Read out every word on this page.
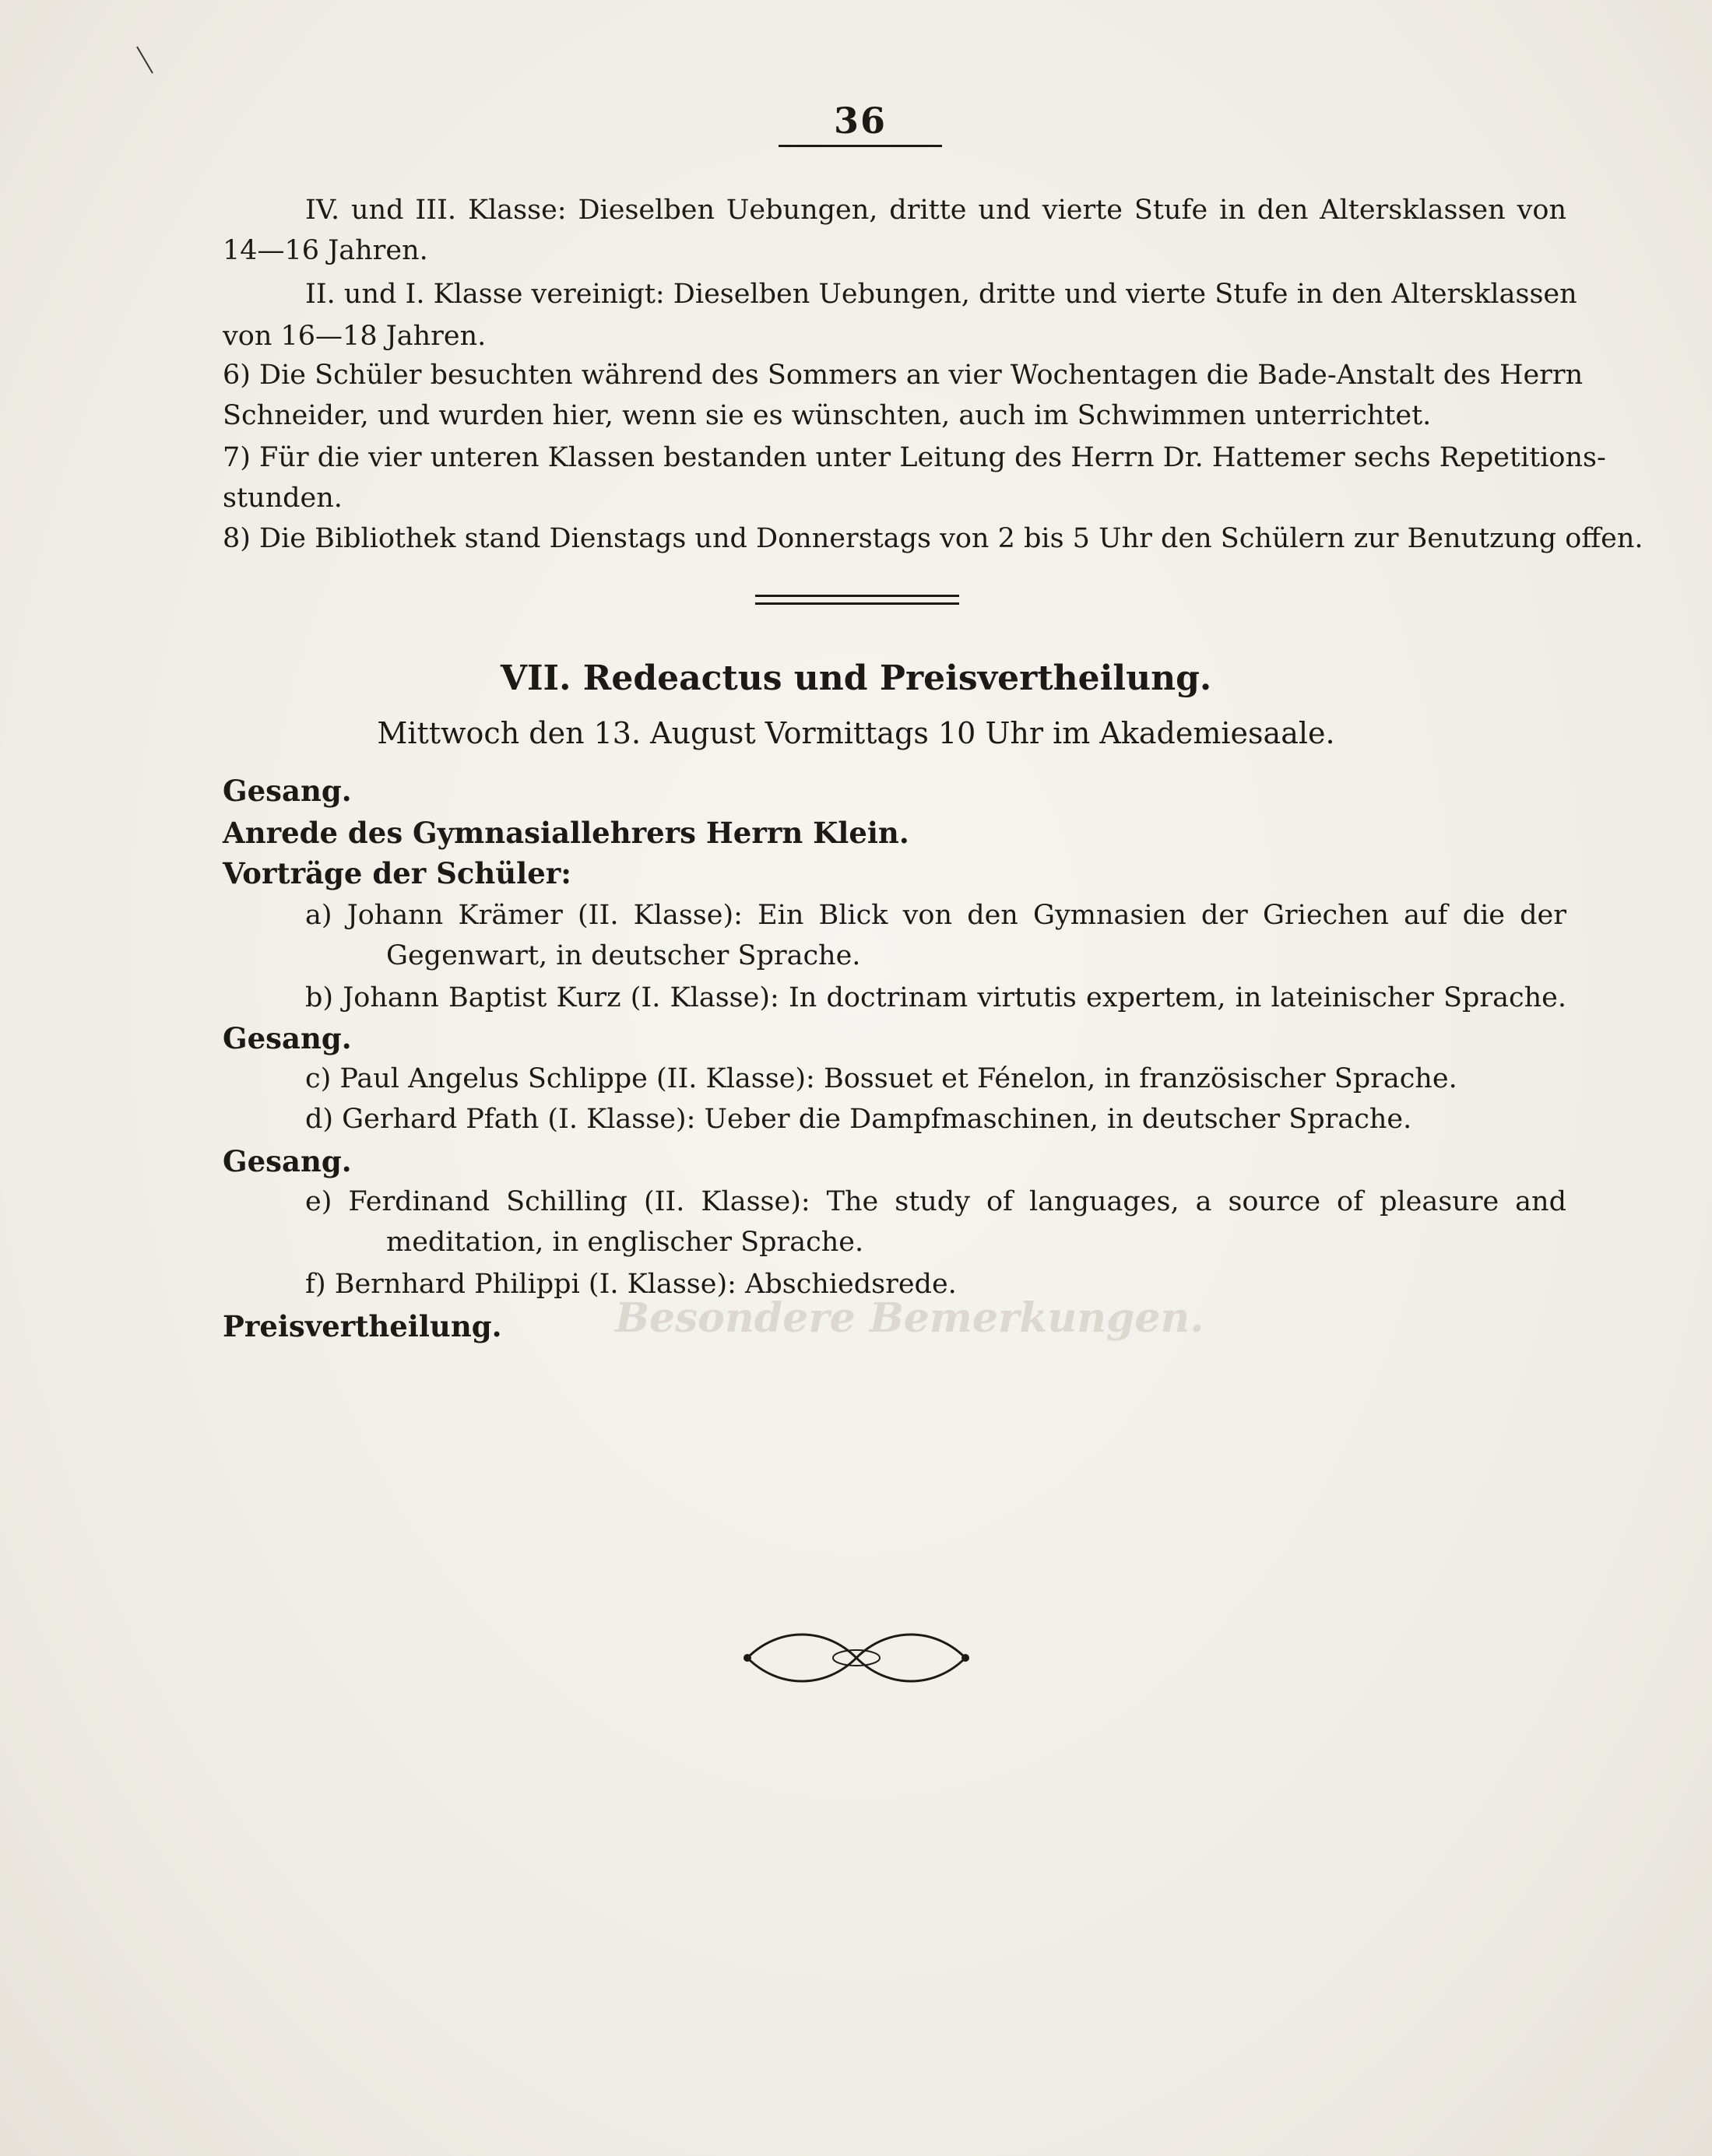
36
Besondere Bemerkungen.
IV. und III. Klasse: Dieselben Uebungen, dritte und vierte Stufe in den Altersklassen von
14—16 Jahren.
II. und I. Klasse vereinigt: Dieselben Uebungen, dritte und vierte Stufe in den Altersklassen
von 16—18 Jahren.
6) Die Schüler besuchten während des Sommers an vier Wochentagen die Bade-Anstalt des Herrn
Schneider, und wurden hier, wenn sie es wünschten, auch im Schwimmen unterrichtet.
7) Für die vier unteren Klassen bestanden unter Leitung des Herrn Dr. Hattemer sechs Repetitions-
stunden.
8) Die Bibliothek stand Dienstags und Donnerstags von 2 bis 5 Uhr den Schülern zur Benutzung offen.
VII. Redeactus und Preisvertheilung.
Mittwoch den 13. August Vormittags 10 Uhr im Akademiesaale.
Gesang.
Anrede des Gymnasiallehrers Herrn Klein.
Vorträge der Schüler:
a) Johann Krämer (II. Klasse): Ein Blick von den Gymnasien der Griechen auf die der
Gegenwart, in deutscher Sprache.
b) Johann Baptist Kurz (I. Klasse): In doctrinam virtutis expertem, in lateinischer Sprache.
Gesang.
c) Paul Angelus Schlippe (II. Klasse): Bossuet et Fénelon, in französischer Sprache.
d) Gerhard Pfath (I. Klasse): Ueber die Dampfmaschinen, in deutscher Sprache.
Gesang.
e) Ferdinand Schilling (II. Klasse): The study of languages, a source of pleasure and
meditation, in englischer Sprache.
f) Bernhard Philippi (I. Klasse): Abschiedsrede.
Preisvertheilung.
